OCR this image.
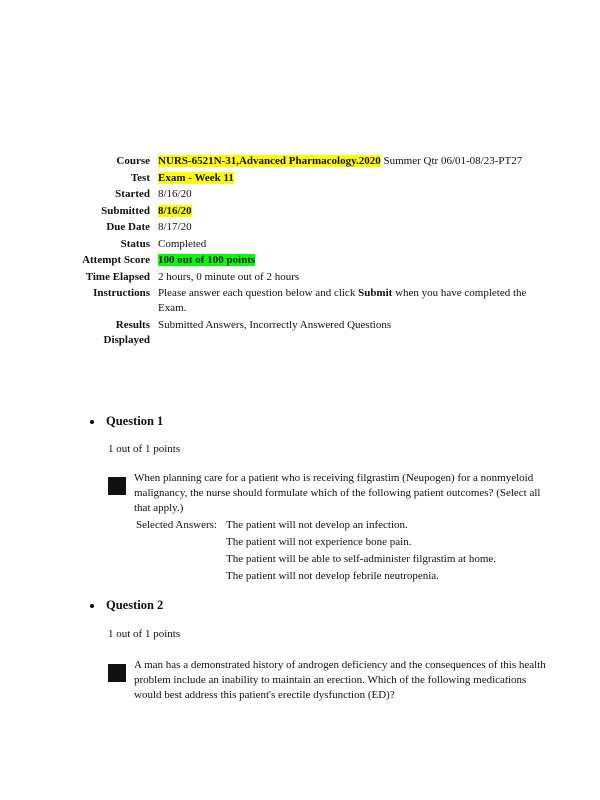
Course NURS-6521N-31,Advanced Pharmacology.2020 Summer Qtr 06/01-08/23-PT27
Test Exam - Week 11
Started 8/16/20
Submitted 8/16/20
Due Date 8/17/20
Status Completed
Attempt Score 100 out of 100 points
Time Elapsed 2 hours, 0 minute out of 2 hours
Instructions Please answer each question below and click Submit when you have completed the Exam.
Results
Displayed
Submitted Answers, Incorrectly Answered Questions
Question 1
1 out of 1 points
When planning care for a patient who is receiving filgrastim (Neupogen) for a nonmyeloid malignancy, the nurse should formulate which of the following patient outcomes? (Select all that apply.)
Selected Answers: The patient will not develop an infection.
The patient will not experience bone pain.
The patient will be able to self-administer filgrastim at home.
The patient will not develop febrile neutropenia.
Question 2
1 out of 1 points
A man has a demonstrated history of androgen deficiency and the consequences of this health problem include an inability to maintain an erection. Which of the following medications would best address this patient's erectile dysfunction (ED)?
